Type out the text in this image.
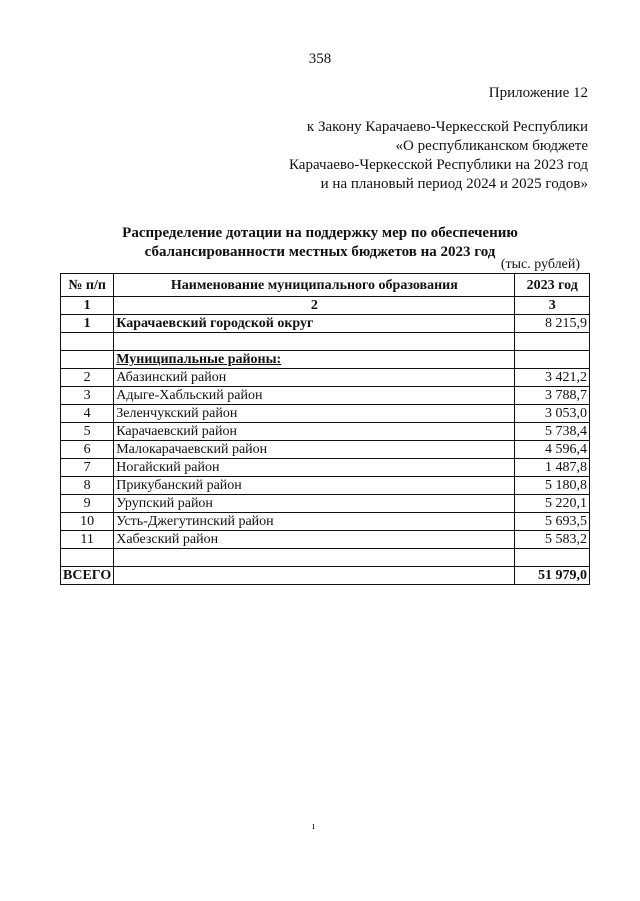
358
Приложение 12
к Закону Карачаево-Черкесской Республики
«О республиканском бюджете
Карачаево-Черкесской Республики на 2023 год
и на плановый период 2024 и 2025 годов»
Распределение дотации на поддержку мер по обеспечению
сбалансированности местных бюджетов на 2023 год
(тыс. рублей)
№ п/п	Наименование муниципального образования	2023 год
1	2	3
1	Карачаевский городской округ	8 215,9

	Муниципальные районы:	
2	Абазинский район	3 421,2
3	Адыге-Хабльский район	3 788,7
4	Зеленчукский район	3 053,0
5	Карачаевский район	5 738,4
6	Малокарачаевский район	4 596,4
7	Ногайский район	1 487,8
8	Прикубанский район	5 180,8
9	Урупский район	5 220,1
10	Усть-Джегутинский район	5 693,5
11	Хабезский район	5 583,2

ВСЕГО		51 979,0
ı
